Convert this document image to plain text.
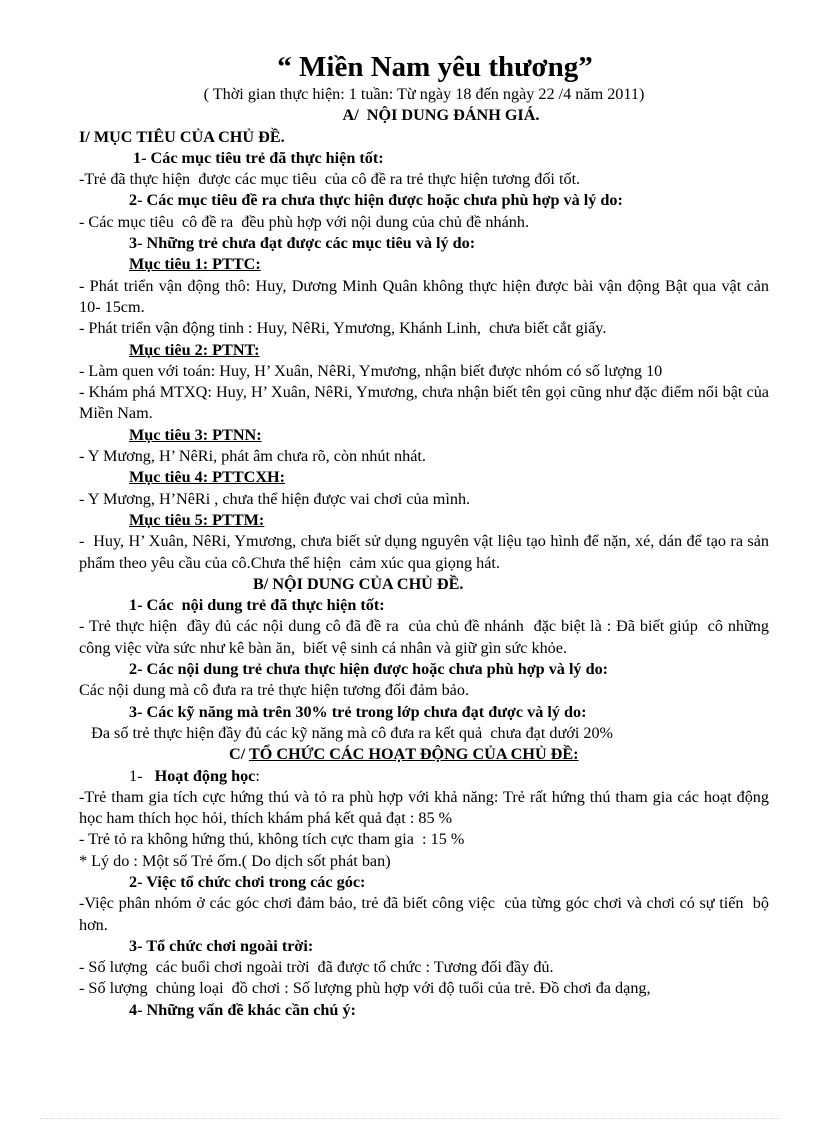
“ Miền Nam yêu thương”
( Thời gian thực hiện: 1 tuần: Từ ngày 18 đến ngày 22 /4 năm 2011)
A/  NỘI DUNG ĐÁNH GIÁ.
I/ MỤC TIÊU CỦA CHỦ ĐỀ.
1- Các mục tiêu trẻ đã thực hiện tốt:
-Trẻ đã thực hiện  được các mục tiêu  của cô đề ra trẻ thực hiện tương đối tốt.
2- Các mục tiêu đề ra chưa thực hiện được hoặc chưa phù hợp và lý do:
- Các mục tiêu  cô đề ra  đều phù hợp với nội dung của chủ đề nhánh.
3- Những trẻ chưa đạt được các mục tiêu và lý do:
Mục tiêu 1: PTTC:
- Phát triển vận động thô: Huy, Dương Minh Quân không thực hiện được bài vận động Bật qua vật cản 10- 15cm.
- Phát triển vận động tinh : Huy, NêRi, Ymương, Khánh Linh,  chưa biết cắt giấy.
Mục tiêu 2: PTNT:
- Làm quen với toán: Huy, H’ Xuân, NêRi, Ymương, nhận biết được nhóm có số lượng 10
- Khám phá MTXQ: Huy, H’ Xuân, NêRi, Ymương, chưa nhận biết tên gọi cũng như đặc điểm nổi bật của Miền Nam.
Mục tiêu 3: PTNN:
- Y Mương, H’ NêRi, phát âm chưa rõ, còn nhút nhát.
Mục tiêu 4: PTTCXH:
- Y Mương, H’NêRi , chưa thể hiện được vai chơi của mình.
Mục tiêu 5: PTTM:
-  Huy, H’ Xuân, NêRi, Ymương, chưa biết sử dụng nguyên vật liệu tạo hình để nặn, xé, dán để tạo ra sản phẩm theo yêu cầu của cô.Chưa thể hiện  cảm xúc qua giọng hát.
B/ NỘI DUNG CỦA CHỦ ĐỀ.
1- Các  nội dung trẻ đã thực hiện tốt:
- Trẻ thực hiện  đầy đủ các nội dung cô đã đề ra  của chủ đề nhánh  đặc biệt là : Đã biết giúp  cô những  công việc vừa sức như kê bàn ăn,  biết vệ sinh cá nhân và giữ gìn sức khỏe.
2- Các nội dung trẻ chưa thực hiện được hoặc chưa phù hợp và lý do:
Các nội dung mà cô đưa ra trẻ thực hiện tương đối đảm bảo.
3- Các kỹ năng mà trên 30% trẻ trong lớp chưa đạt được và lý do:
Đa số trẻ thực hiện đầy đủ các kỹ năng mà cô đưa ra kết quả  chưa đạt dưới 20%
C/ TỔ CHỨC CÁC HOẠT ĐỘNG CỦA CHỦ ĐỀ:
1-   Hoạt động học:
-Trẻ tham gia tích cực hứng thú và tỏ ra phù hợp với khả năng: Trẻ rất hứng thú tham gia các hoạt động học ham thích học hỏi, thích khám phá kết quả đạt : 85 %
- Trẻ tỏ ra không hứng thú, không tích cực tham gia  : 15 %
* Lý do : Một số Trẻ ốm.( Do dịch sốt phát ban)
2- Việc tổ chức chơi trong các góc:
-Việc phân nhóm ở các góc chơi đảm bảo, trẻ đã biết công việc  của từng góc chơi và chơi có sự tiến  bộ hơn.
3- Tổ chức chơi ngoài trời:
- Số lượng  các buổi chơi ngoài trời  đã được tổ chức : Tương đối đầy đủ.
- Số lượng  chủng loại  đồ chơi : Số lượng phù hợp với độ tuổi của trẻ. Đồ chơi đa dạng,
4- Những vấn đề khác cần chú ý:
